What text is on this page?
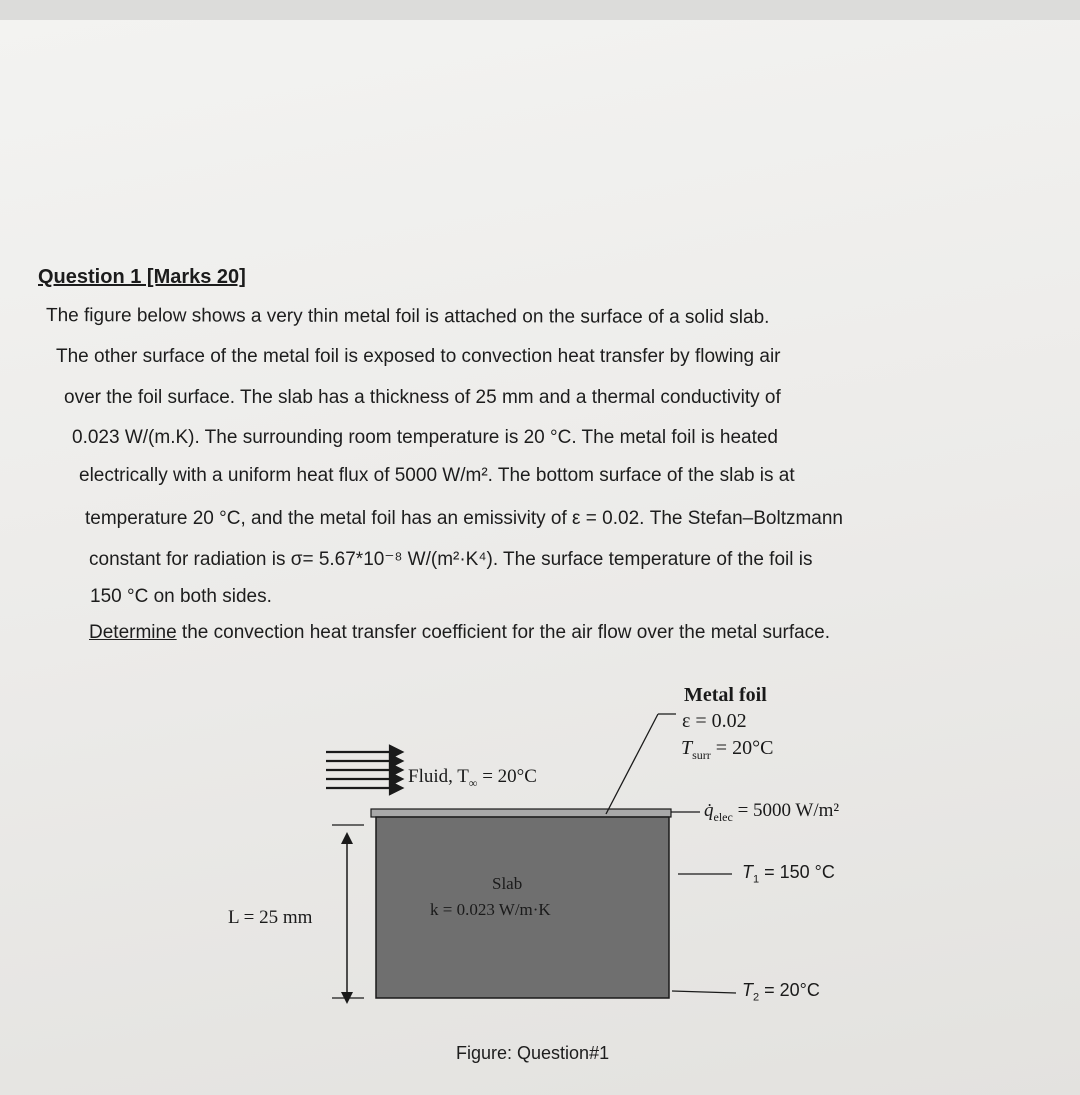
Question 1 [Marks 20]
The figure below shows a very thin metal foil is attached on the surface of a solid slab.
The other surface of the metal foil is exposed to convection heat transfer by flowing air
over the foil surface. The slab has a thickness of 25 mm and a thermal conductivity of
0.023 W/(m.K). The surrounding room temperature is 20 °C. The metal foil is heated
electrically with a uniform heat flux of 5000 W/m². The bottom surface of the slab is at
temperature 20 °C, and the metal foil has an emissivity of ε = 0.02. The Stefan–Boltzmann
constant for radiation is σ= 5.67*10⁻⁸ W/(m²·K⁴). The surface temperature of the foil is
150 °C on both sides.
Determine the convection heat transfer coefficient for the air flow over the metal surface.
Metal foil
ε = 0.02
$T_{surr} = 20^\circ C$
Fluid, $T_\infty = 20^\circ C$
$q̇_{elec} = 5000$ W/m²
$T_1 = 150$ °C
$T_2 = 20^\circ C$
Slab
k = 0.023 W/m·K
L = 25 mm
Figure: Question#1
